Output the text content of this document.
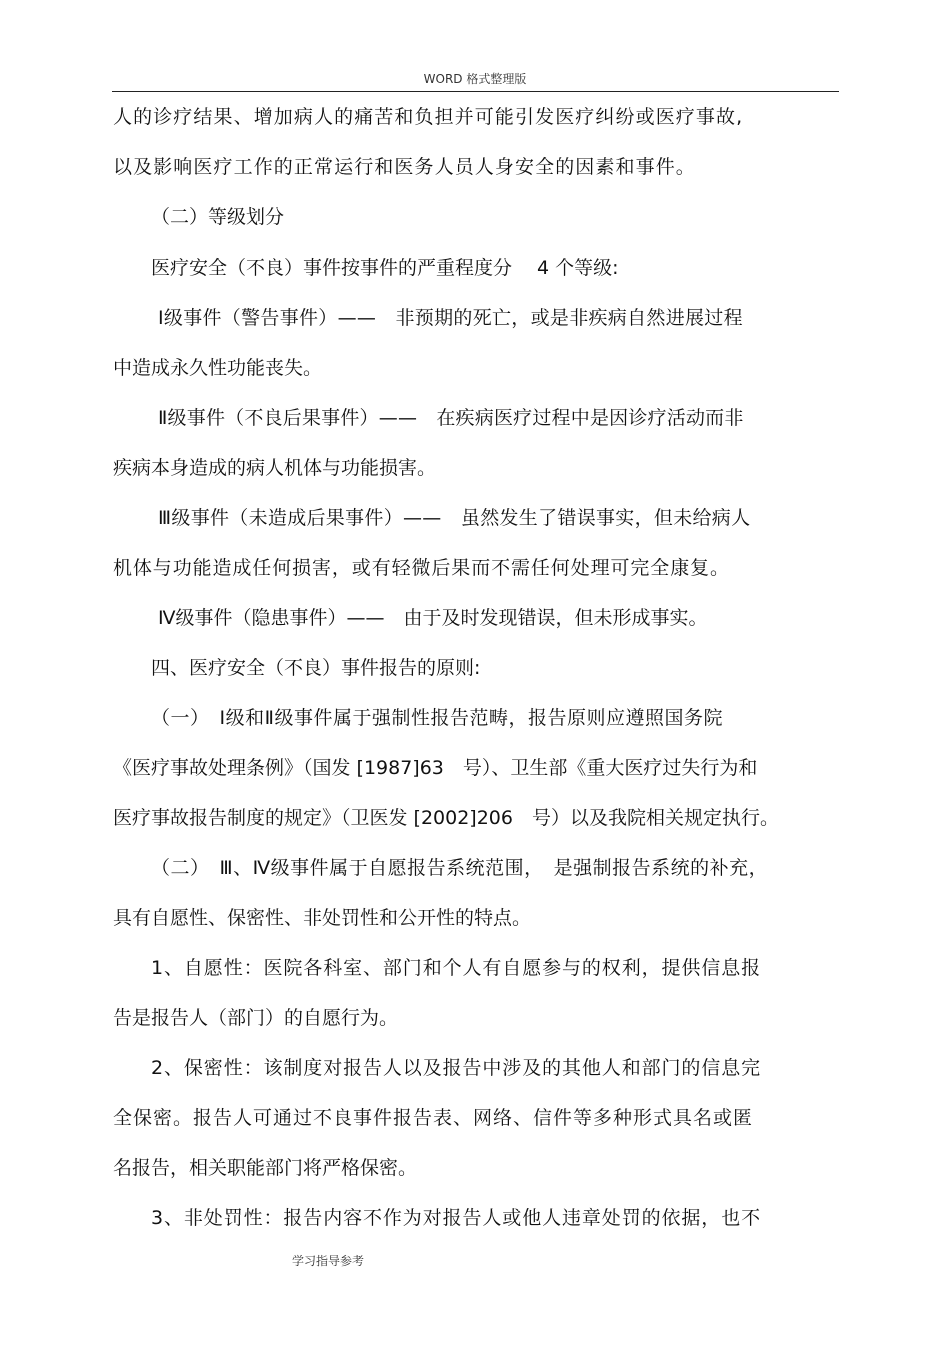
WORD 格式整理版
人的诊疗结果、增加病人的痛苦和负担并可能引发医疗纠纷或医疗事故,
以及影响医疗工作的正常运行和医务人员人身安全的因素和事件。
（二）等级划分
医疗安全（不良）事件按事件的严重程度分　 4 个等级:
Ⅰ级事件（警告事件）——　非预期的死亡，或是非疾病自然进展过程
中造成永久性功能丧失。
Ⅱ级事件（不良后果事件）——　在疾病医疗过程中是因诊疗活动而非
疾病本身造成的病人机体与功能损害。
Ⅲ级事件（未造成后果事件）——　虽然发生了错误事实，但未给病人
机体与功能造成任何损害，或有轻微后果而不需任何处理可完全康复。
Ⅳ级事件（隐患事件）——　由于及时发现错误，但未形成事实。
四、医疗安全（不良）事件报告的原则:
（一）　Ⅰ级和Ⅱ级事件属于强制性报告范畴，报告原则应遵照国务院
《医疗事故处理条例》（国发 [1987]63　号）、卫生部《重大医疗过失行为和
医疗事故报告制度的规定》（卫医发 [2002]206　号）以及我院相关规定执行。
（二）　Ⅲ、Ⅳ级事件属于自愿报告系统范围，　是强制报告系统的补充，
具有自愿性、保密性、非处罚性和公开性的特点。
1、自愿性：医院各科室、部门和个人有自愿参与的权利，提供信息报
告是报告人（部门）的自愿行为。
2、保密性：该制度对报告人以及报告中涉及的其他人和部门的信息完
全保密。报告人可通过不良事件报告表、网络、信件等多种形式具名或匿
名报告，相关职能部门将严格保密。
3、非处罚性：报告内容不作为对报告人或他人违章处罚的依据，也不
学习指导参考
